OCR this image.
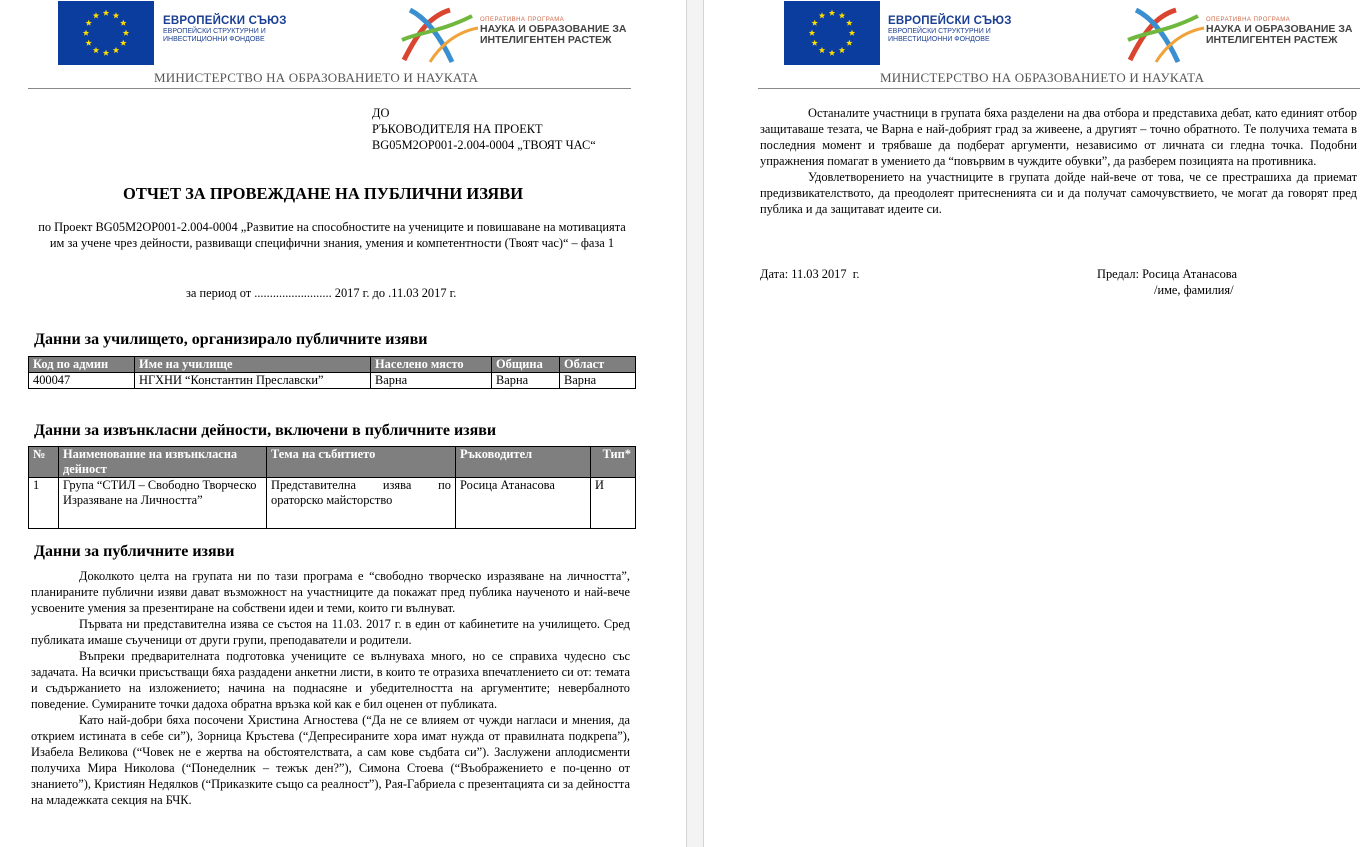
ЕВРОПЕЙСКИ СЪЮЗ
ЕВРОПЕЙСКИ СТРУКТУРНИ И
ИНВЕСТИЦИОННИ ФОНДОВЕ
ОПЕРАТИВНА ПРОГРАМА
НАУКА И ОБРАЗОВАНИЕ ЗА
ИНТЕЛИГЕНТЕН РАСТЕЖ
МИНИСТЕРСТВО НА ОБРАЗОВАНИЕТО И НАУКАТА
ДО
РЪКОВОДИТЕЛЯ НА ПРОЕКТ
BG05M2OP001-2.004-0004 „ТВОЯТ ЧАС“
ОТЧЕТ ЗА ПРОВЕЖДАНЕ НА ПУБЛИЧНИ ИЗЯВИ
по Проект BG05M2OP001-2.004-0004 „Развитие на способностите на учениците и повишаване на мотивацията им за учене чрез дейности, развиващи специфични знания, умения и компетентности (Твоят час)“ – фаза 1
за период от ......................... 2017 г. до .11.03 2017 г.
Данни за училището, организирало публичните изяви
Код по админ	Име на училище	Населено място	Община	Област
400047	НГХНИ “Константин Преславски”	Варна	Варна	Варна
Данни за извънкласни дейности, включени в публичните изяви
№	Наименование на извънкласна дейност	Тема на събитието	Ръководител	Тип*
1	Група “СТИЛ – Свободно Творческо Изразяване на Личността”	Представителна изява по ораторско майсторство	Росица Атанасова	И
Данни за публичните изяви

Доколкото целта на групата ни по тази програма е “свободно творческо изразяване на личността”, планираните публични изяви дават възможност на участниците да покажат пред публика наученото и най-вече усвоените умения за презентиране на собствени идеи и теми, които ги вълнуват.

Първата ни представителна изява се състоя на 11.03. 2017 г. в един от кабинетите на училището. Сред публиката имаше съученици от други групи, преподаватели и родители.

Въпреки предварителната подготовка учениците се вълнуваха много, но се справиха чудесно със задачата. На всички присъстващи бяха раздадени анкетни листи, в които те отразиха впечатлението си от: темата и съдържанието на изложението; начина на поднасяне и убедителността на аргументите; невербалното поведение. Сумираните точки дадоха обратна връзка кой как е бил оценен от публиката.

Като най-добри бяха посочени Христина Агностева (“Да не се влияем от чужди нагласи и мнения, да открием истината в себе си”), Зорница Кръстева (“Депресираните хора имат нужда от правилната подкрепа”), Изабела Великова (“Човек не е жертва на обстоятелствата, а сам кове съдбата си”). Заслужени аплодисменти получиха Мира Николова (“Понеделник – тежък ден?”), Симона Стоева (“Въображението е по-ценно от знанието”), Кристиян Недялков (“Приказките също са реалност”), Рая-Габриела с презентацията си за дейността на младежката секция на БЧК.

ЕВРОПЕЙСКИ СЪЮЗ
ЕВРОПЕЙСКИ СТРУКТУРНИ И
ИНВЕСТИЦИОННИ ФОНДОВЕ
ОПЕРАТИВНА ПРОГРАМА
НАУКА И ОБРАЗОВАНИЕ ЗА
ИНТЕЛИГЕНТЕН РАСТЕЖ
МИНИСТЕРСТВО НА ОБРАЗОВАНИЕТО И НАУКАТА

Останалите участници в групата бяха разделени на два отбора и представиха дебат, като единият отбор защитаваше тезата, че Варна е най-добрият град за живеене, а другият – точно обратното. Те получиха темата в последния момент и трябваше да подберат аргументи, независимо от личната си гледна точка. Подобни упражнения помагат в умението да “повървим в чуждите обувки”, да разберем позицията на противника.

Удовлетворението на участниците в групата дойде най-вече от това, че се престрашиха да приемат предизвикателството, да преодолеят притесненията си и да получат самочувствието, че могат да говорят пред публика и да защитават идеите си.

Дата: 11.03 2017  г.	Предал: Росица Атанасова
/име, фамилия/
